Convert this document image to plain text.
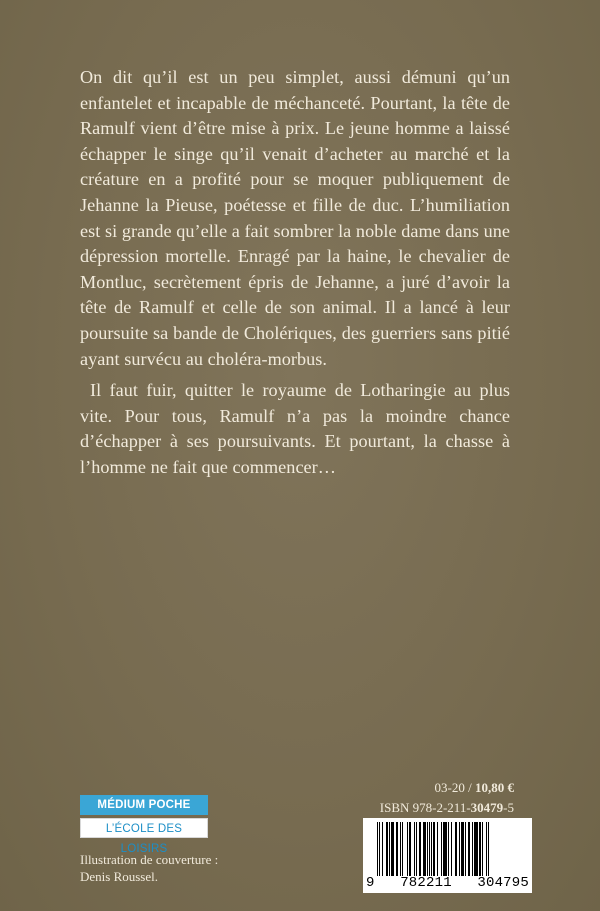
On dit qu’il est un peu simplet, aussi démuni qu’un enfantelet et incapable de méchanceté. Pourtant, la tête de Ramulf vient d’être mise à prix. Le jeune homme a laissé échapper le singe qu’il venait d’acheter au marché et la créature en a profité pour se moquer publiquement de Jehanne la Pieuse, poétesse et fille de duc. L’humiliation est si grande qu’elle a fait sombrer la noble dame dans une dépression mortelle. Enragé par la haine, le chevalier de Montluc, secrètement épris de Jehanne, a juré d’avoir la tête de Ramulf et celle de son animal. Il a lancé à leur poursuite sa bande de Cholériques, des guerriers sans pitié ayant survécu au choléra-morbus.

Il faut fuir, quitter le royaume de Lotharingie au plus vite. Pour tous, Ramulf n’a pas la moindre chance d’échapper à ses poursuivants. Et pourtant, la chasse à l’homme ne fait que commencer…

03-20 / 10,80 €
ISBN 978-2-211-30479-5
MÉDIUM POCHE
L’ÉCOLE DES LOISIRS
Illustration de couverture :
Denis Roussel.	9 782211 304795
